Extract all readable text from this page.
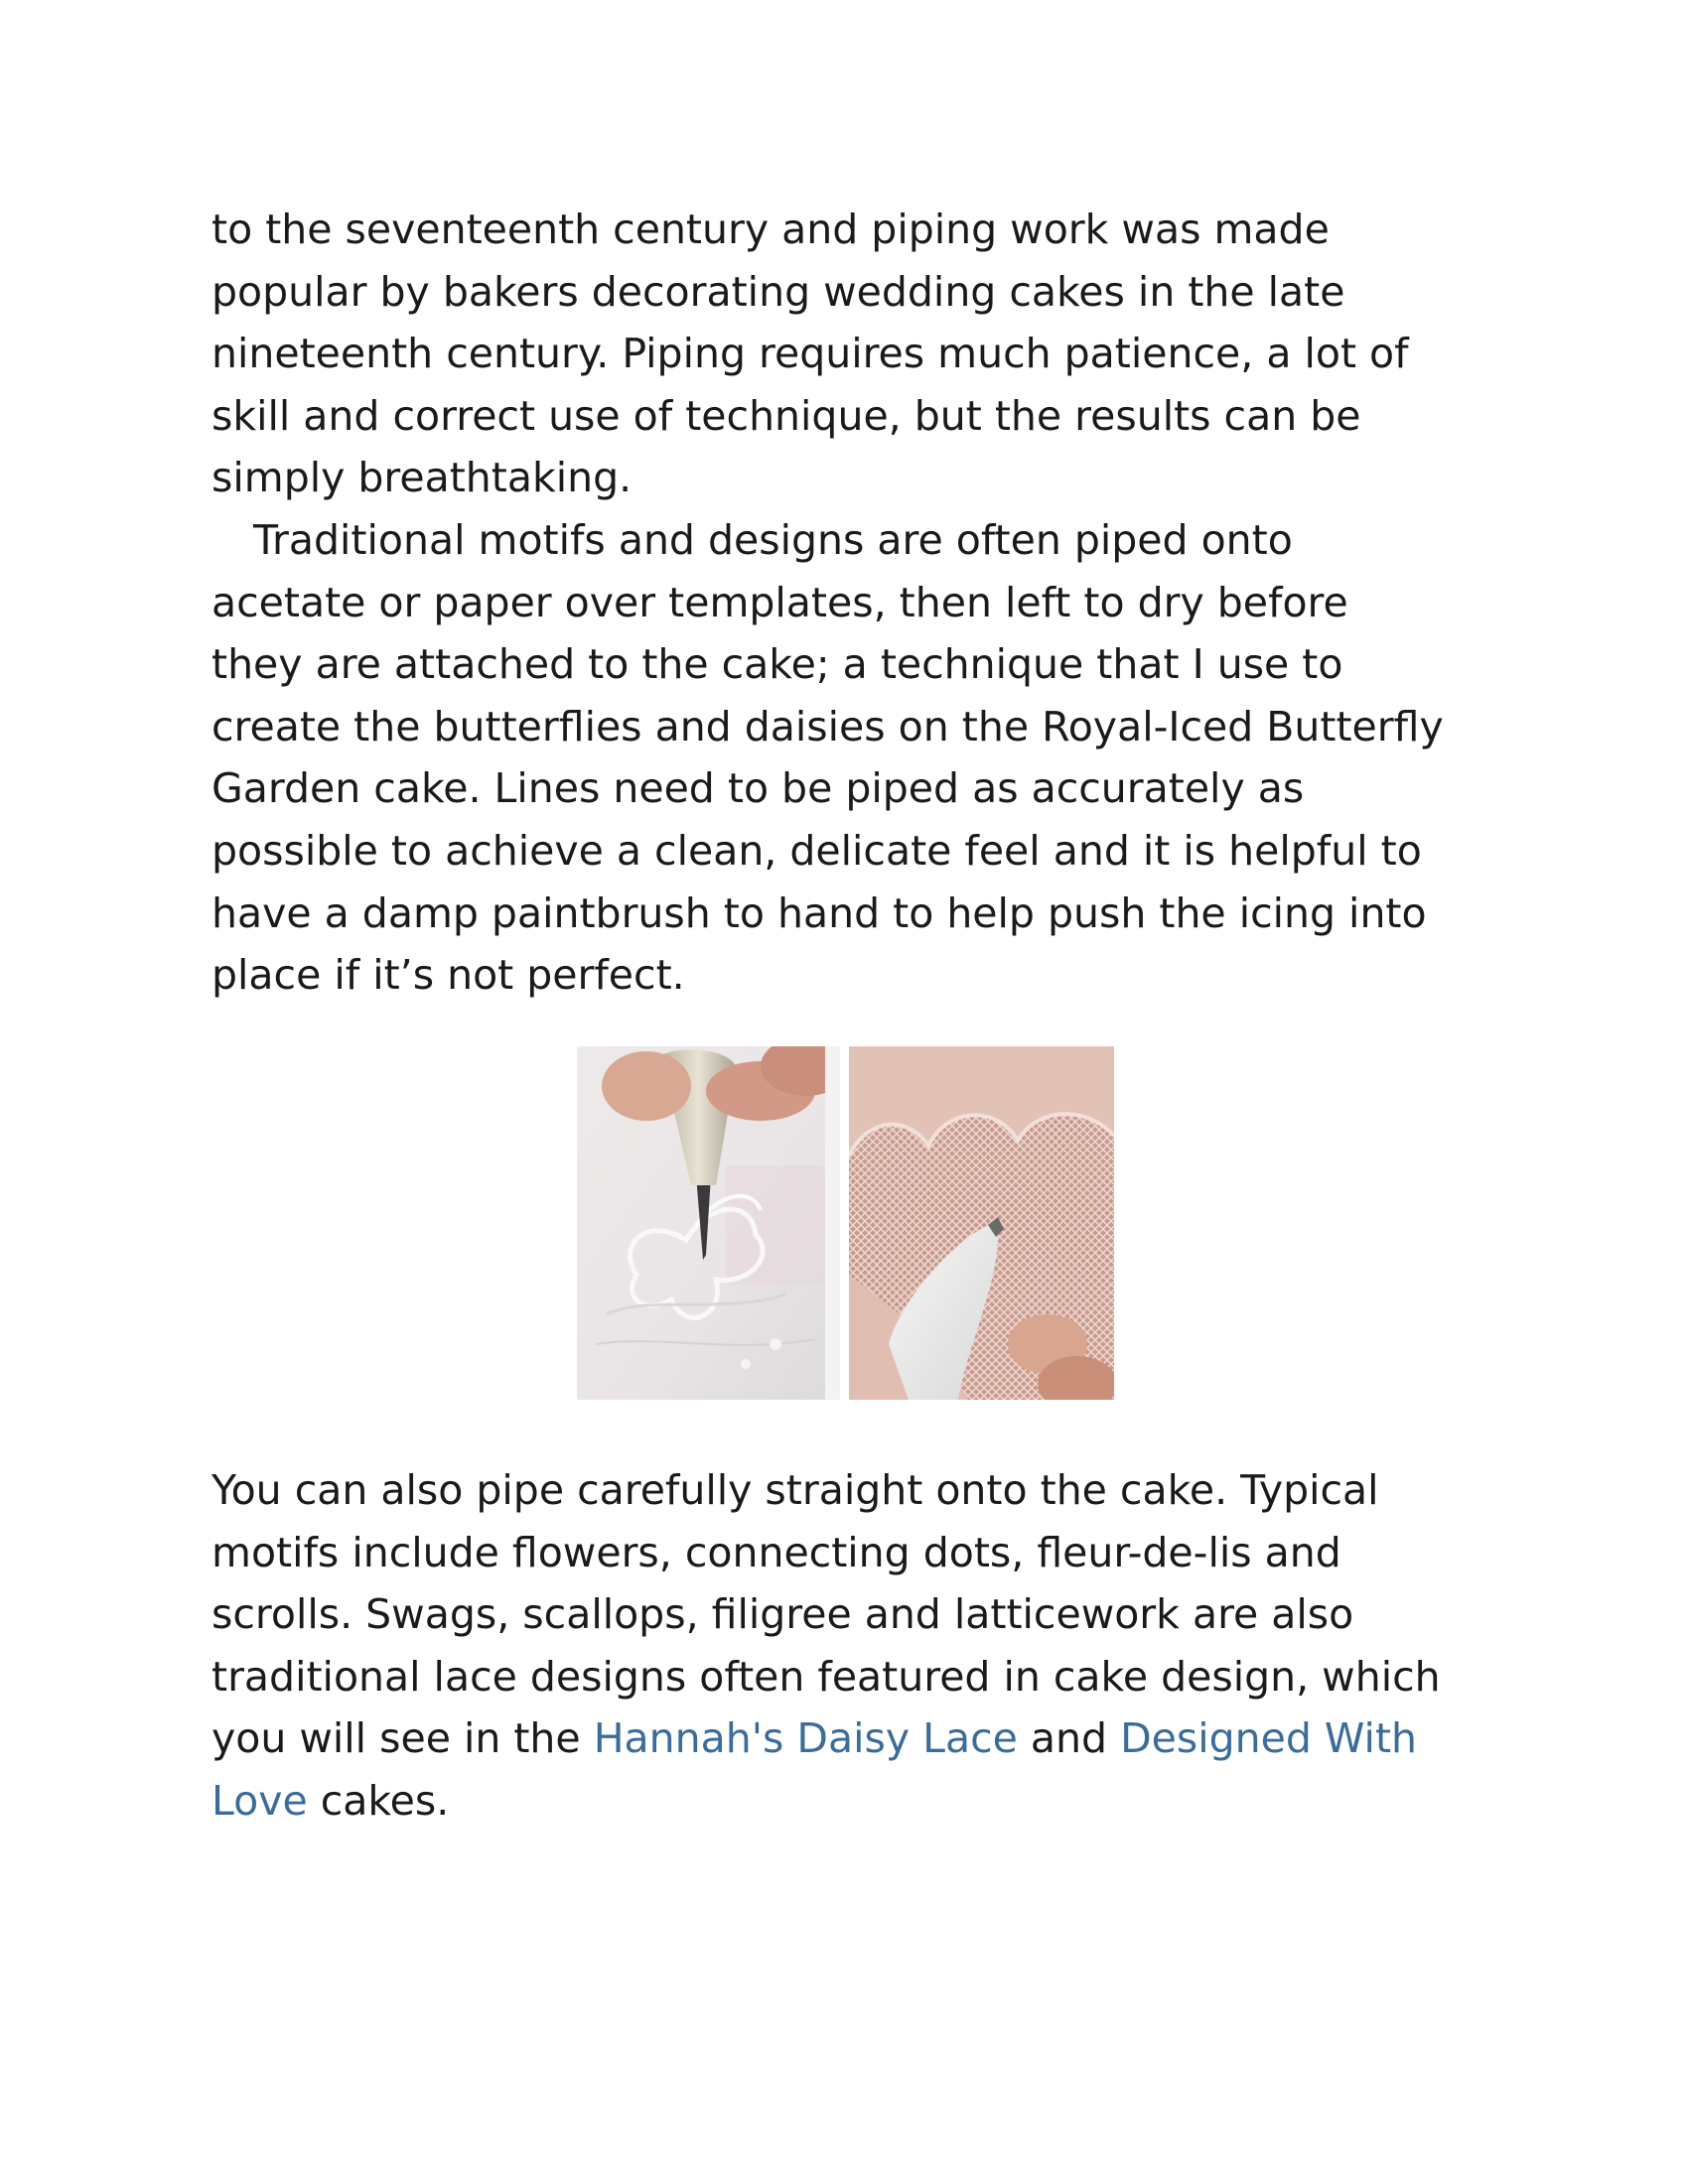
to the seventeenth century and piping work was made
popular by bakers decorating wedding cakes in the late
nineteenth century. Piping requires much patience, a lot of
skill and correct use of technique, but the results can be
simply breathtaking.
Traditional motifs and designs are often piped onto
acetate or paper over templates, then left to dry before
they are attached to the cake; a technique that I use to
create the butterflies and daisies on the Royal-Iced Butterfly
Garden cake. Lines need to be piped as accurately as
possible to achieve a clean, delicate feel and it is helpful to
have a damp paintbrush to hand to help push the icing into
place if it’s not perfect.
You can also pipe carefully straight onto the cake. Typical
motifs include flowers, connecting dots, fleur-de-lis and
scrolls. Swags, scallops, filigree and latticework are also
traditional lace designs often featured in cake design, which
you will see in the Hannah's Daisy Lace and Designed With
Love cakes.
